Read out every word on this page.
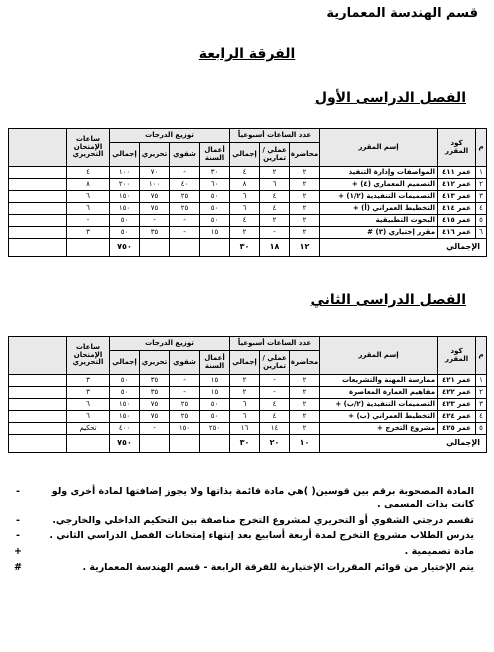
قسم الهندسة المعمارية
الفرقة الرابعة
الفصل الدراسى الأول
م	كود المقرر	إسم المقرر	عدد الساعات أسبوعياً			توزيع الدرجات				ساعات الإمتحان التحريري	
			محاضرة	عملي / تمارين	إجمالي	أعمال السنة	شفوي	تحريري	إجمالي		
١	عمر ٤١١	المواصفات وإدارة التنفيذ	٢	٢	٤	٣٠	-	٧٠	١٠٠	٤	
٢	عمر ٤١٢	التصميم المعماري (٤) +	٢	٦	٨	٦٠	٤٠	١٠٠	٢٠٠	٨	
٣	عمر ٤١٣	التصميمات التنفيذية (١/٢) +	٢	٤	٦	٥٠	٢٥	٧٥	١٥٠	٦	
٤	عمر ٤١٤	التخطيط العمراني (أ) +	٢	٤	٦	٥٠	٢٥	٧٥	١٥٠	٦	
٥	عمر ٤١٥	البحوث التطبيقية	٢	٢	٤	٥٠	-	-	٥٠	-	
٦	عمر ٤١٦	مقرر إختياري (٣) #	٢	-	٢	١٥	-	٣٥	٥٠	٣	
الإجمالي			١٢	١٨	٣٠				٧٥٠		
الفصل الدراسى الثاني
م	كود المقرر	إسم المقرر	عدد الساعات أسبوعياً			توزيع الدرجات				ساعات الإمتحان التحريري	
			محاضرة	عملي / تمارين	إجمالي	أعمال السنة	شفوي	تحريري	إجمالي		
١	عمر ٤٢١	ممارسة المهنة والتشريعات	٢	-	٢	١٥	-	٣٥	٥٠	٣	
٢	عمر ٤٢٢	مفاهيم العمارة المعاصرة	٢	-	٢	١٥	-	٣٥	٥٠	٣	
٣	عمر ٤٢٣	التصميمات التنفيذية (٢/ب) +	٢	٤	٦	٥٠	٢٥	٧٥	١٥٠	٦	
٤	عمر ٤٢٤	التخطيط العمراني (ب) +	٢	٤	٦	٥٠	٢٥	٧٥	١٥٠	٦	
٥	عمر ٤٢٥	مشروع التخرج +	٢	١٤	١٦	٢٥٠	١٥٠	-	٤٠٠	تحكيم	
الإجمالي			١٠	٢٠	٣٠				٧٥٠		
المادة المصحوبة برقم بين قوسين( )هي مادة قائمة بذاتها ولا يجوز إضافتها لمادة أخرى ولو كانت بذات المسمى .
-
تقسم درجتي الشفوي أو التحريري لمشروع التخرج مناصفة بين التحكيم الداخلي والخارجي.
-
يدرس الطلاب مشروع التخرج لمدة أربعة أسابيع بعد إنتهاء إمتحانات الفصل الدراسي الثاني .
-
مادة تصميمية .
+
يتم الإختيار من قوائم المقررات الإختيارية للفرقة الرابعة - قسم الهندسة المعمارية .
#
